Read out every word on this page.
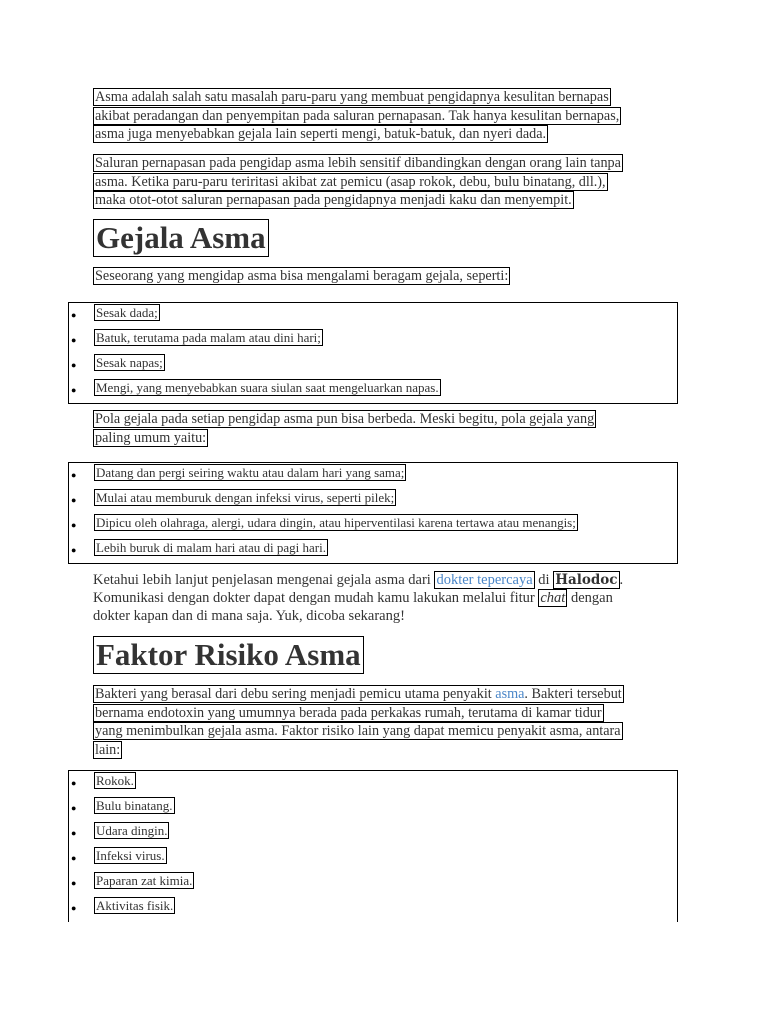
Asma adalah salah satu masalah paru-paru yang membuat pengidapnya kesulitan bernapas
akibat peradangan dan penyempitan pada saluran pernapasan. Tak hanya kesulitan bernapas,
asma juga menyebabkan gejala lain seperti mengi, batuk-batuk, dan nyeri dada.
Saluran pernapasan pada pengidap asma lebih sensitif dibandingkan dengan orang lain tanpa
asma. Ketika paru-paru teriritasi akibat zat pemicu (asap rokok, debu, bulu binatang, dll.),
maka otot-otot saluran pernapasan pada pengidapnya menjadi kaku dan menyempit.
Gejala Asma
Seseorang yang mengidap asma bisa mengalami beragam gejala, seperti:
● Sesak dada;
● Batuk, terutama pada malam atau dini hari;
● Sesak napas;
● Mengi, yang menyebabkan suara siulan saat mengeluarkan napas.
Pola gejala pada setiap pengidap asma pun bisa berbeda. Meski begitu, pola gejala yang
paling umum yaitu:
● Datang dan pergi seiring waktu atau dalam hari yang sama;
● Mulai atau memburuk dengan infeksi virus, seperti pilek;
● Dipicu oleh olahraga, alergi, udara dingin, atau hiperventilasi karena tertawa atau menangis;
● Lebih buruk di malam hari atau di pagi hari.
Ketahui lebih lanjut penjelasan mengenai gejala asma dari dokter tepercaya di Halodoc .
Komunikasi dengan dokter dapat dengan mudah kamu lakukan melalui fitur chat dengan
dokter kapan dan di mana saja. Yuk, dicoba sekarang!
Faktor Risiko Asma
Bakteri yang berasal dari debu sering menjadi pemicu utama penyakit asma. Bakteri tersebut
bernama endotoxin yang umumnya berada pada perkakas rumah, terutama di kamar tidur
yang menimbulkan gejala asma. Faktor risiko lain yang dapat memicu penyakit asma, antara
lain:
● Rokok.
● Bulu binatang.
● Udara dingin.
● Infeksi virus.
● Paparan zat kimia.
● Aktivitas fisik.
